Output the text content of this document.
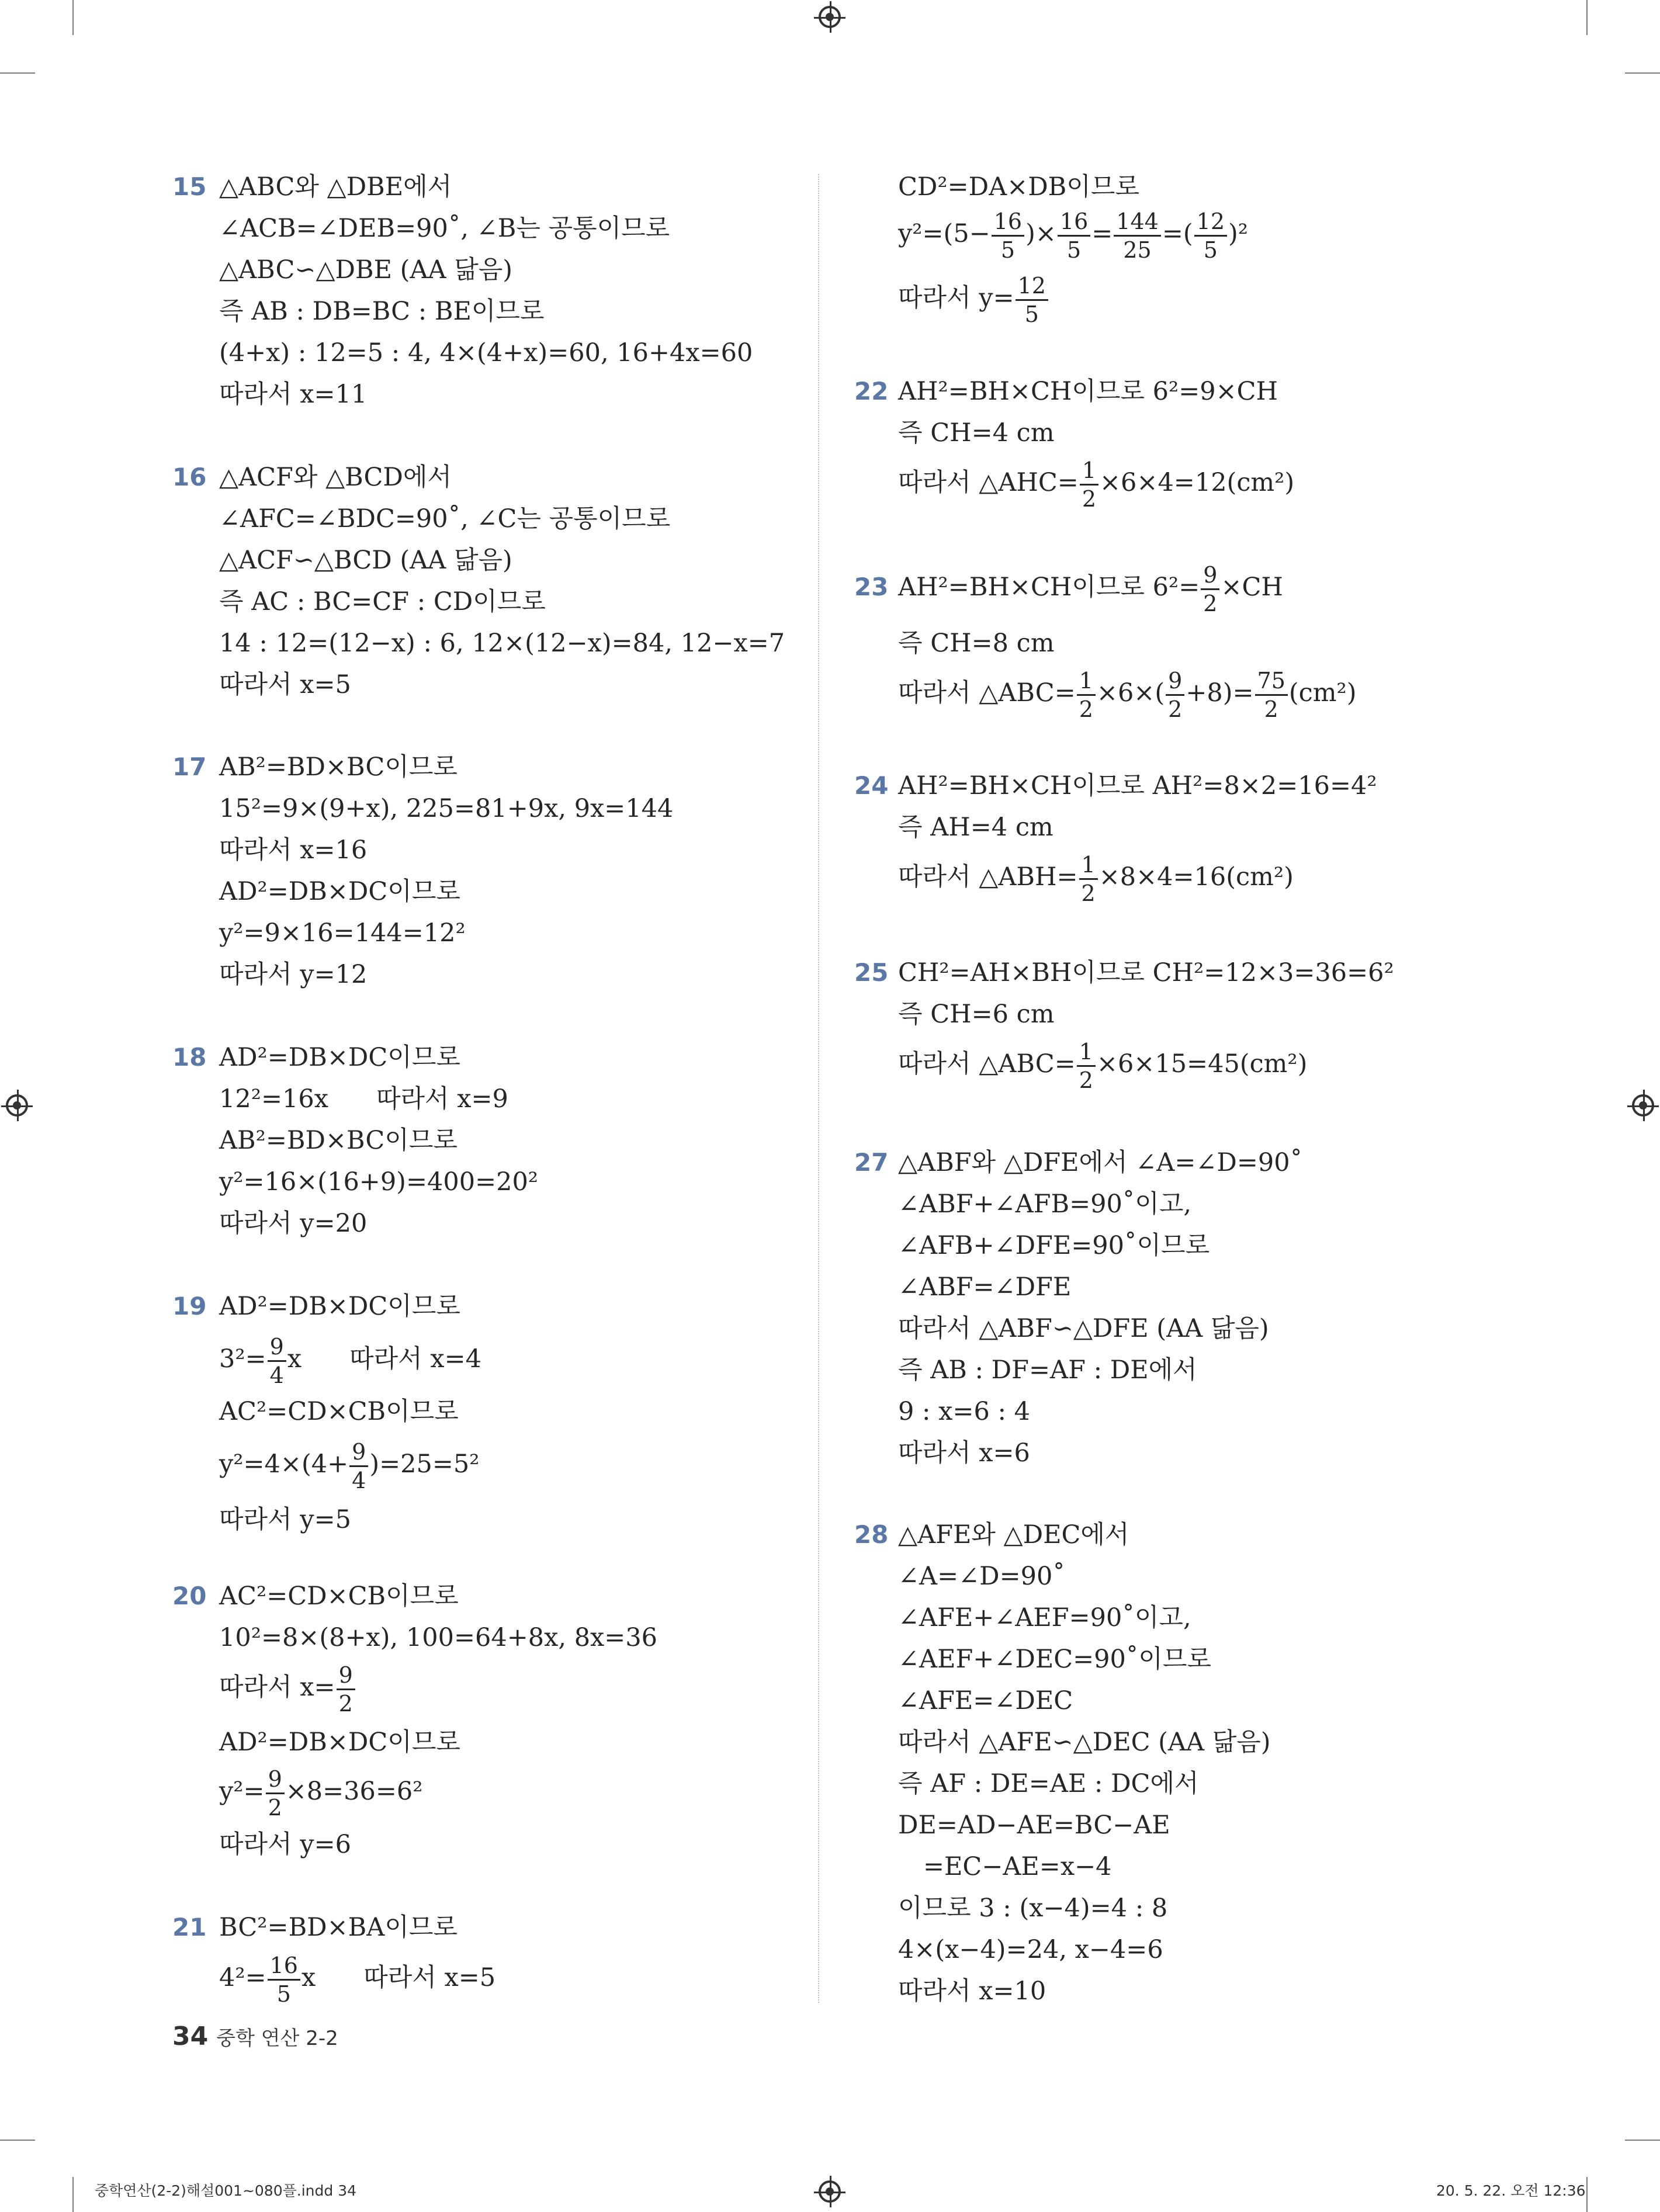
15 △ABC와 △DBE에서
∠ACB=∠DEB=90˚, ∠B는 공통이므로
△ABC∽△DBE (AA 닮음)
즉 AB : DB=BC : BE이므로
(4+x) : 12=5 : 4, 4×(4+x)=60, 16+4x=60
따라서 x=11
16 △ACF와 △BCD에서
∠AFC=∠BDC=90˚, ∠C는 공통이므로
△ACF∽△BCD (AA 닮음)
즉 AC : BC=CF : CD이므로
14 : 12=(12−x) : 6, 12×(12−x)=84, 12−x=7
따라서 x=5
17 AB²=BD×BC이므로
15²=9×(9+x), 225=81+9x, 9x=144
따라서 x=16
AD²=DB×DC이므로
y²=9×16=144=12²
따라서 y=12
18 AD²=DB×DC이므로
12²=16x      따라서 x=9
AB²=BD×BC이므로
y²=16×(16+9)=400=20²
따라서 y=20
19 AD²=DB×DC이므로
$3^2= \frac{9}{4}$ x      따라서 x=4
AC²=CD×CB이므로
$y^2=4\times(4+ \frac{9}{4} )=25=5^2$
따라서 y=5
20 AC²=CD×CB이므로
10²=8×(8+x), 100=64+8x, 8x=36
따라서 $x= \frac{9}{2}$
AD²=DB×DC이므로
$y^2= \frac{9}{2} \times 8=36=6^2$
따라서 y=6
21 BC²=BD×BA이므로
$4^2= \frac{16}{5}$ x      따라서 x=5
CD²=DA×DB이므로
$y^2=(5- \frac{16}{5}$ )× $\frac{16}{5} = \frac{144}{25}$ =( $\frac{12}{5} )^2$
따라서 $y= \frac{12}{5}$
22 AH²=BH×CH이므로 6²=9×CH
즉 CH=4 cm
따라서 △AHC= $\frac{1}{2} \times 6\times 4=12(cm^2)$
23 AH²=BH×CH이므로 $6^2= \frac{9}{2} \times CH$
즉 CH=8 cm
따라서 △ABC= $\frac{1}{2} \times 6\times( \frac{9}{2} +8)= \frac{75}{2} (cm^2)$
24 AH²=BH×CH이므로 AH²=8×2=16=4²
즉 AH=4 cm
따라서 △ABH= $\frac{1}{2} \times 8\times 4=16(cm^2)$
25 CH²=AH×BH이므로 CH²=12×3=36=6²
즉 CH=6 cm
따라서 △ABC= $\frac{1}{2} \times 6\times 15=45(cm^2)$
27 △ABF와 △DFE에서 ∠A=∠D=90˚
∠ABF+∠AFB=90˚이고,
∠AFB+∠DFE=90˚이므로
∠ABF=∠DFE
따라서 △ABF∽△DFE (AA 닮음)
즉 AB : DF=AF : DE에서
9 : x=6 : 4
따라서 x=6
28 △AFE와 △DEC에서
∠A=∠D=90˚
∠AFE+∠AEF=90˚이고,
∠AEF+∠DEC=90˚이므로
∠AFE=∠DEC
따라서 △AFE∽△DEC (AA 닮음)
즉 AF : DE=AE : DC에서
DE=AD−AE=BC−AE
=EC−AE=x−4
이므로 3 : (x−4)=4 : 8
4×(x−4)=24, x−4=6
따라서 x=10
34 중학 연산 2-2
중학연산(2-2)해설001~080플.indd 34	20. 5. 22. 오전 12:36
